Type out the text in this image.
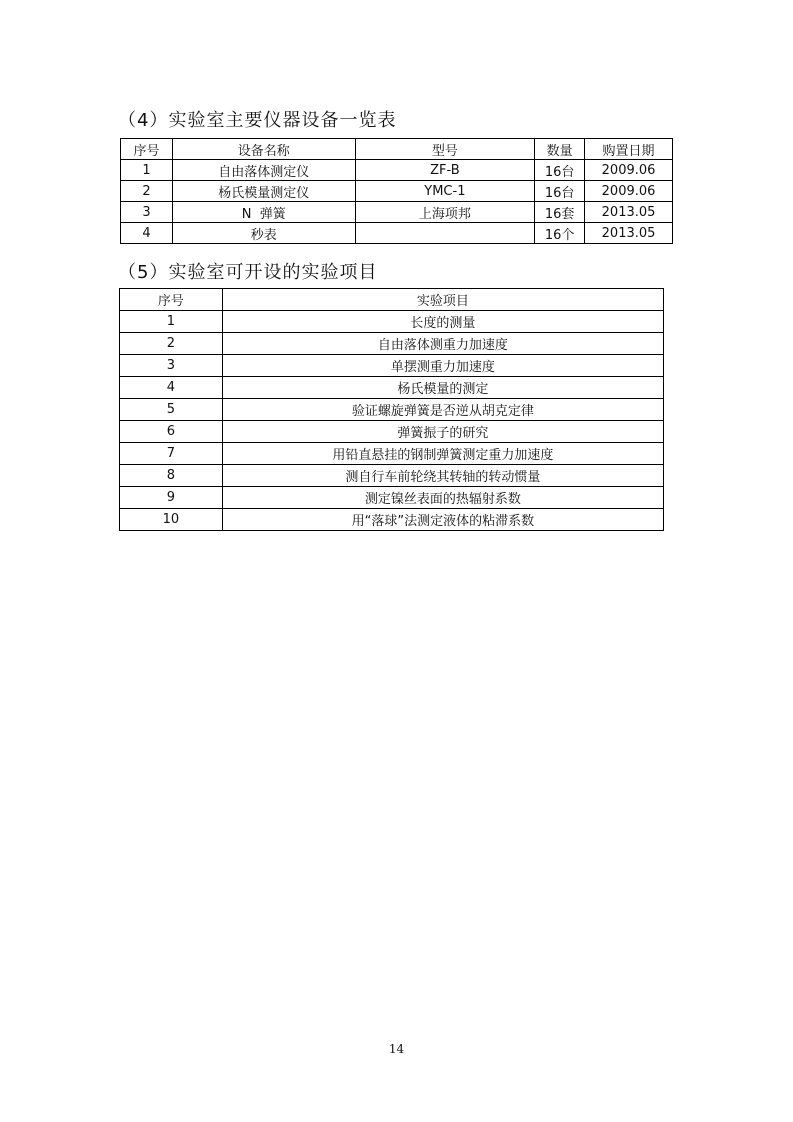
（4）实验室主要仪器设备一览表
序号	设备名称	型号	数量	购置日期
1	自由落体测定仪	ZF-B	16台	2009.06
2	杨氏模量测定仪	YMC-1	16台	2009.06
3	N  弹簧	上海项邦	16套	2013.05
4	秒表		16个	2013.05
（5）实验室可开设的实验项目
序号	实验项目
1	长度的测量
2	自由落体测重力加速度
3	单摆测重力加速度
4	杨氏模量的测定
5	验证螺旋弹簧是否逆从胡克定律
6	弹簧振子的研究
7	用铅直悬挂的钢制弹簧测定重力加速度
8	测自行车前轮绕其转轴的转动惯量
9	测定镍丝表面的热辐射系数
10	用“落球”法测定液体的粘滞系数
14
